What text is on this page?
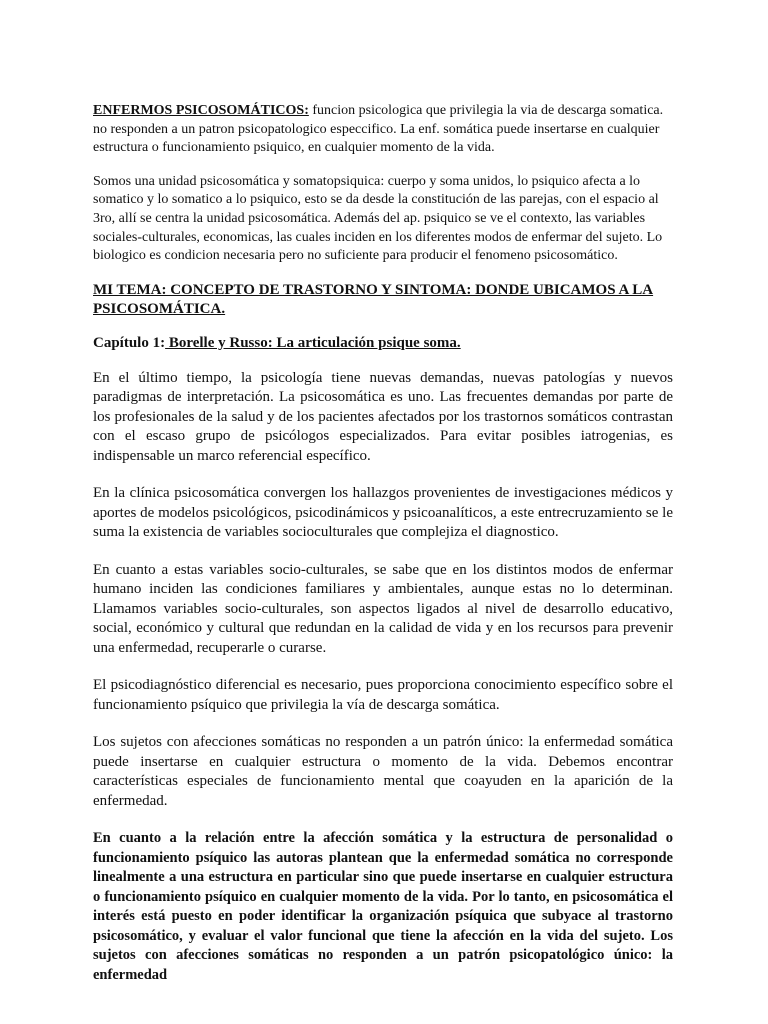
ENFERMOS PSICOSOMÁTICOS: funcion psicologica que privilegia la via de descarga somatica. no responden a un patron psicopatologico especcifico. La enf. somática puede insertarse en cualquier estructura o funcionamiento psiquico, en cualquier momento de la vida.

Somos una unidad psicosomática y somatopsiquica: cuerpo y soma unidos, lo psiquico afecta a lo somatico y lo somatico a lo psiquico, esto se da desde la constitución de las parejas, con el espacio al 3ro, allí se centra la unidad psicosomática. Además del ap. psiquico se ve el contexto, las variables sociales-culturales, economicas, las cuales inciden en los diferentes modos de enfermar del sujeto. Lo biologico es condicion necesaria pero no suficiente para producir el fenomeno psicosomático.

MI TEMA: CONCEPTO DE TRASTORNO Y SINTOMA: DONDE UBICAMOS A LA PSICOSOMÁTICA.

Capítulo 1: Borelle y Russo: La articulación psique soma.

En el último tiempo, la psicología tiene nuevas demandas, nuevas patologías y nuevos paradigmas de interpretación. La psicosomática es uno. Las frecuentes demandas por parte de los profesionales de la salud y de los pacientes afectados por los trastornos somáticos contrastan con el escaso grupo de psicólogos especializados. Para evitar posibles iatrogenias, es indispensable un marco referencial específico.

En la clínica psicosomática convergen los hallazgos provenientes de investigaciones médicos y aportes de modelos psicológicos, psicodinámicos y psicoanalíticos, a este entrecruzamiento se le suma la existencia de variables socioculturales que complejiza el diagnostico.

En cuanto a estas variables socio-culturales, se sabe que en los distintos modos de enfermar humano inciden las condiciones familiares y ambientales, aunque estas no lo determinan. Llamamos variables socio-culturales, son aspectos ligados al nivel de desarrollo educativo, social, económico y cultural que redundan en la calidad de vida y en los recursos para prevenir una enfermedad, recuperarle o curarse.

El psicodiagnóstico diferencial es necesario, pues proporciona conocimiento específico sobre el funcionamiento psíquico que privilegia la vía de descarga somática.

Los sujetos con afecciones somáticas no responden a un patrón único: la enfermedad somática puede insertarse en cualquier estructura o momento de la vida. Debemos encontrar características especiales de funcionamiento mental que coayuden en la aparición de la enfermedad.

En cuanto a la relación entre la afección somática y la estructura de personalidad o funcionamiento psíquico las autoras plantean que la enfermedad somática no corresponde linealmente a una estructura en particular sino que puede insertarse en cualquier estructura o funcionamiento psíquico en cualquier momento de la vida. Por lo tanto, en psicosomática el interés está puesto en poder identificar la organización psíquica que subyace al trastorno psicosomático, y evaluar el valor funcional que tiene la afección en la vida del sujeto. Los sujetos con afecciones somáticas no responden a un patrón psicopatológico único: la enfermedad
